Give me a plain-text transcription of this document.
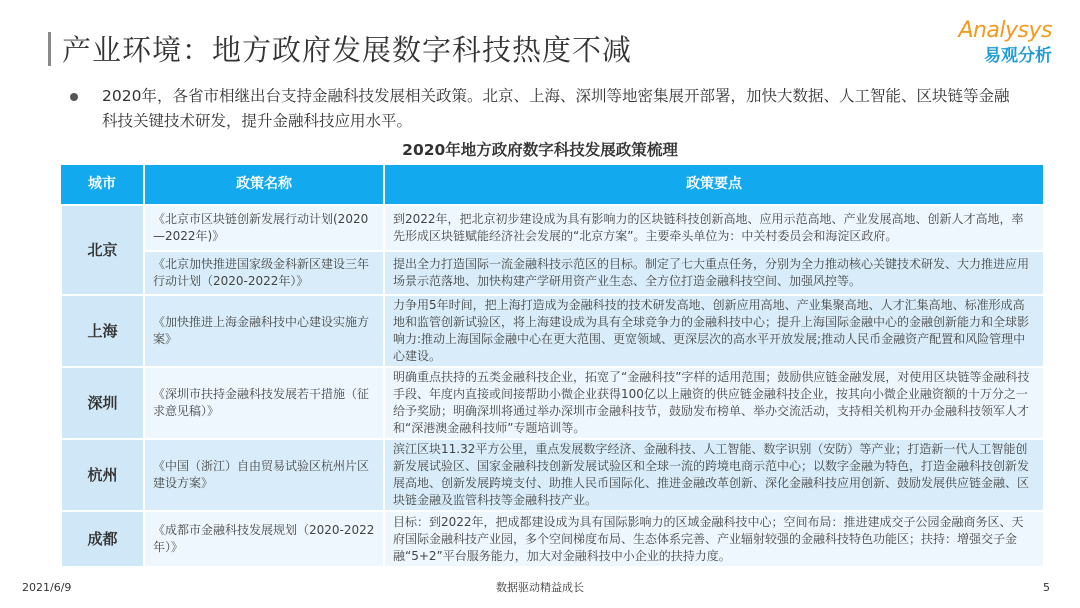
产业环境：地方政府发展数字科技热度不减
Analysys
易观分析
2020年，各省市相继出台支持金融科技发展相关政策。北京、上海、深圳等地密集展开部署，加快大数据、人工智能、区块链等金融科技关键技术研发，提升金融科技应用水平。
2020年地方政府数字科技发展政策梳理
城市	政策名称	政策要点
北京	《北京市区块链创新发展行动计划(2020—2022年)》	到2022年，把北京初步建设成为具有影响力的区块链科技创新高地、应用示范高地、产业发展高地、创新人才高地，率先形成区块链赋能经济社会发展的“北京方案”。主要牵头单位为：中关村委员会和海淀区政府。
	《北京加快推进国家级金科新区建设三年行动计划（2020-2022年）》	提出全力打造国际一流金融科技示范区的目标。制定了七大重点任务，分别为全力推动核心关键技术研发、大力推进应用场景示范落地、加快构建产学研用资产业生态、全方位打造金融科技空间、加强风控等。
上海	《加快推进上海金融科技中心建设实施方案》	力争用5年时间，把上海打造成为金融科技的技术研发高地、创新应用高地、产业集聚高地、人才汇集高地、标准形成高地和监管创新试验区，将上海建设成为具有全球竞争力的金融科技中心；提升上海国际金融中心的金融创新能力和全球影响力:推动上海国际金融中心在更大范围、更宽领域、更深层次的高水平开放发展;推动人民币金融资产配置和风险管理中心建设。
深圳	《深圳市扶持金融科技发展若干措施（征求意见稿）》	明确重点扶持的五类金融科技企业，拓宽了“金融科技”字样的适用范围；鼓励供应链金融发展，对使用区块链等金融科技手段、年度内直接或间接帮助小微企业获得100亿以上融资的供应链金融科技企业，按其向小微企业融资额的十万分之一给予奖励；明确深圳将通过举办深圳市金融科技节，鼓励发布榜单、举办交流活动，支持相关机构开办金融科技领军人才和“深港澳金融科技师”专题培训等。
杭州	《中国（浙江）自由贸易试验区杭州片区建设方案》	滨江区块11.32平方公里，重点发展数字经济、金融科技、人工智能、数字识别（安防）等产业；打造新一代人工智能创新发展试验区、国家金融科技创新发展试验区和全球一流的跨境电商示范中心；以数字金融为特色，打造金融科技创新发展高地、创新发展跨境支付、助推人民币国际化、推进金融改革创新、深化金融科技应用创新、鼓励发展供应链金融、区块链金融及监管科技等金融科技产业。
成都	《成都市金融科技发展规划（2020-2022年）》	目标：到2022年，把成都建设成为具有国际影响力的区域金融科技中心；空间布局：推进建成交子公园金融商务区、天府国际金融科技产业园，多个空间梯度布局、生态体系完善、产业辐射较强的金融科技特色功能区；扶持：增强交子金融“5+2”平台服务能力，加大对金融科技中小企业的扶持力度。
2021/6/9	数据驱动精益成长	5
